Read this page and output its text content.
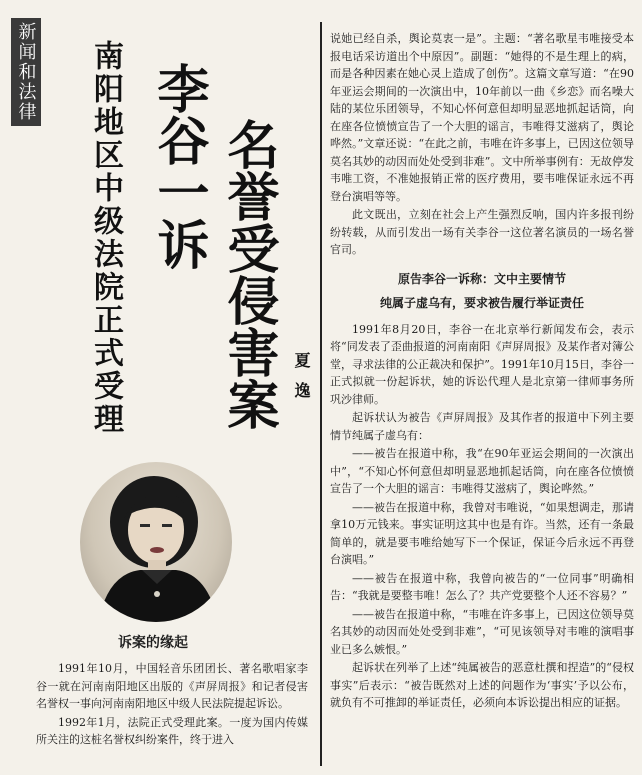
新闻和法律
名誉受侵害案
李谷一诉
南阳地区中级法院正式受理	夏逸
诉案的缘起

1991年10月，中国轻音乐团团长、著名歌唱家李谷一就在河南南阳地区出版的《声屏周报》和记者侵害名誉权一事向河南南阳地区中级人民法院提起诉讼。

1992年1月，法院正式受理此案。一度为国内传媒所关注的这桩名誉权纠纷案件，终于进入

说她已经自杀，舆论莫衷一是”。主题：“著名歌星韦唯接受本报电话采访道出个中原因”。副题：“她得的不是生理上的病，而是各种因素在她心灵上造成了创伤”。这篇文章写道：“在90年亚运会期间的一次演出中，10年前以一曲《乡恋》而名噪大陆的某位乐团领导，不知心怀何意但却明显恶地抓起话筒，向在座各位愤愤宣告了一个大胆的谣言，韦唯得艾滋病了，舆论哗然。”文章还说：“在此之前，韦唯在许多事上，已因这位领导莫名其妙的动因而处处受到非难”。文中所举事例有：无故停发韦唯工资，不准她报销正常的医疗费用，要韦唯保证永远不再登台演唱等等。

此文既出，立刻在社会上产生强烈反响，国内许多报刊纷纷转载，从而引发出一场有关李谷一这位著名演员的一场名誉官司。

原告李谷一诉称：文中主要情节
纯属子虚乌有，要求被告履行举证责任

1991年8月20日，李谷一在北京举行新闻发布会，表示将“同发表了歪曲报道的河南南阳《声屏周报》及某作者对簿公堂，寻求法律的公正裁决和保护”。1991年10月15日，李谷一正式拟就一份起诉状，她的诉讼代理人是北京第一律师事务所巩沙律师。

起诉状认为被告《声屏周报》及其作者的报道中下列主要情节纯属子虚乌有：

——被告在报道中称，我“在90年亚运会期间的一次演出中”，“不知心怀何意但却明显恶地抓起话筒，向在座各位愤愤宣告了一个大胆的谣言：韦唯得艾滋病了，舆论哗然。”

——被告在报道中称，我曾对韦唯说，“如果想调走，那请拿10万元钱来。事实证明这其中也是有诈。当然，还有一条最简单的，就是要韦唯给她写下一个保证，保证今后永远不再登台演唱。”

——被告在报道中称，我曾向被告的“一位同事”明确相告：“我就是要整韦唯！怎么了？共产党要整个人还不容易？”

——被告在报道中称，“韦唯在许多事上，已因这位领导莫名其妙的动因而处处受到非难”，“可见该领导对韦唯的演唱事业已多么嫉恨。”

起诉状在列举了上述“纯属被告的恶意杜撰和捏造”的“侵权事实”后表示：“被告既然对上述的问题作为‘事实’予以公布，就负有不可推卸的举证责任，必须向本诉讼提出相应的证据。
